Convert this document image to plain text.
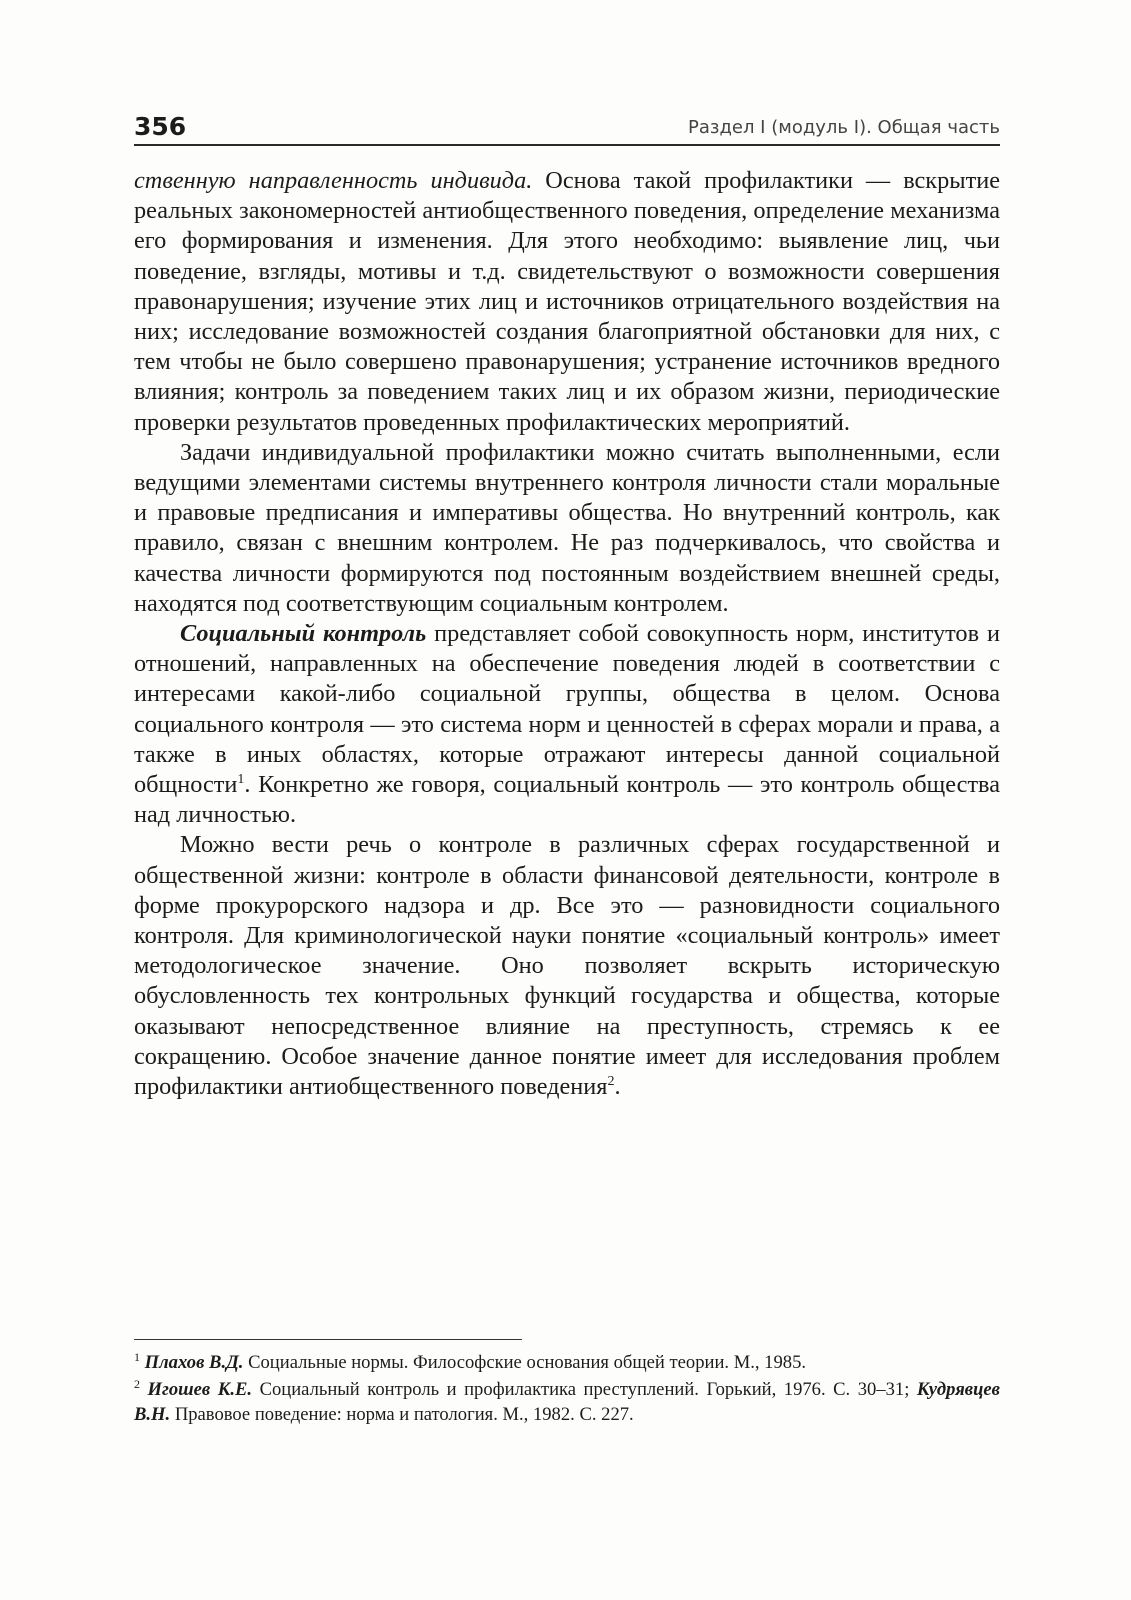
356	Раздел I (модуль I). Общая часть

ственную направленность индивида. Основа такой профилактики — вскрытие реальных закономерностей антиобщественного поведения, определение механизма его формирования и изменения. Для этого необходимо: выявление лиц, чьи поведение, взгляды, мотивы и т.д. свидетельствуют о возможности совершения правонарушения; изучение этих лиц и источников отрицательного воздействия на них; исследование возможностей создания благоприятной обстановки для них, с тем чтобы не было совершено правонарушения; устранение источников вредного влияния; контроль за поведением таких лиц и их образом жизни, периодические проверки результатов проведенных профилактических мероприятий.

Задачи индивидуальной профилактики можно считать выполненными, если ведущими элементами системы внутреннего контроля личности стали моральные и правовые предписания и императивы общества. Но внутренний контроль, как правило, связан с внешним контролем. Не раз подчеркивалось, что свойства и качества личности формируются под постоянным воздействием внешней среды, находятся под соответствующим социальным контролем.

Социальный контроль представляет собой совокупность норм, институтов и отношений, направленных на обеспечение поведения людей в соответствии с интересами какой-либо социальной группы, общества в целом. Основа социального контроля — это система норм и ценностей в сферах морали и права, а также в иных областях, которые отражают интересы данной социальной общности$^1$. Конкретно же говоря, социальный контроль — это контроль общества над личностью.

Можно вести речь о контроле в различных сферах государственной и общественной жизни: контроле в области финансовой деятельности, контроле в форме прокурорского надзора и др. Все это — разновидности социального контроля. Для криминологической науки понятие «социальный контроль» имеет методологическое значение. Оно позволяет вскрыть историческую обусловленность тех контрольных функций государства и общества, которые оказывают непосредственное влияние на преступность, стремясь к ее сокращению. Особое значение данное понятие имеет для исследования проблем профилактики антиобщественного поведения$^2$.

$^1$ Плахов В.Д. Социальные нормы. Философские основания общей теории. М., 1985.

$^2$ Игошев К.Е. Социальный контроль и профилактика преступлений. Горький, 1976. С. 30–31; Кудрявцев В.Н. Правовое поведение: норма и патология. М., 1982. С. 227.
